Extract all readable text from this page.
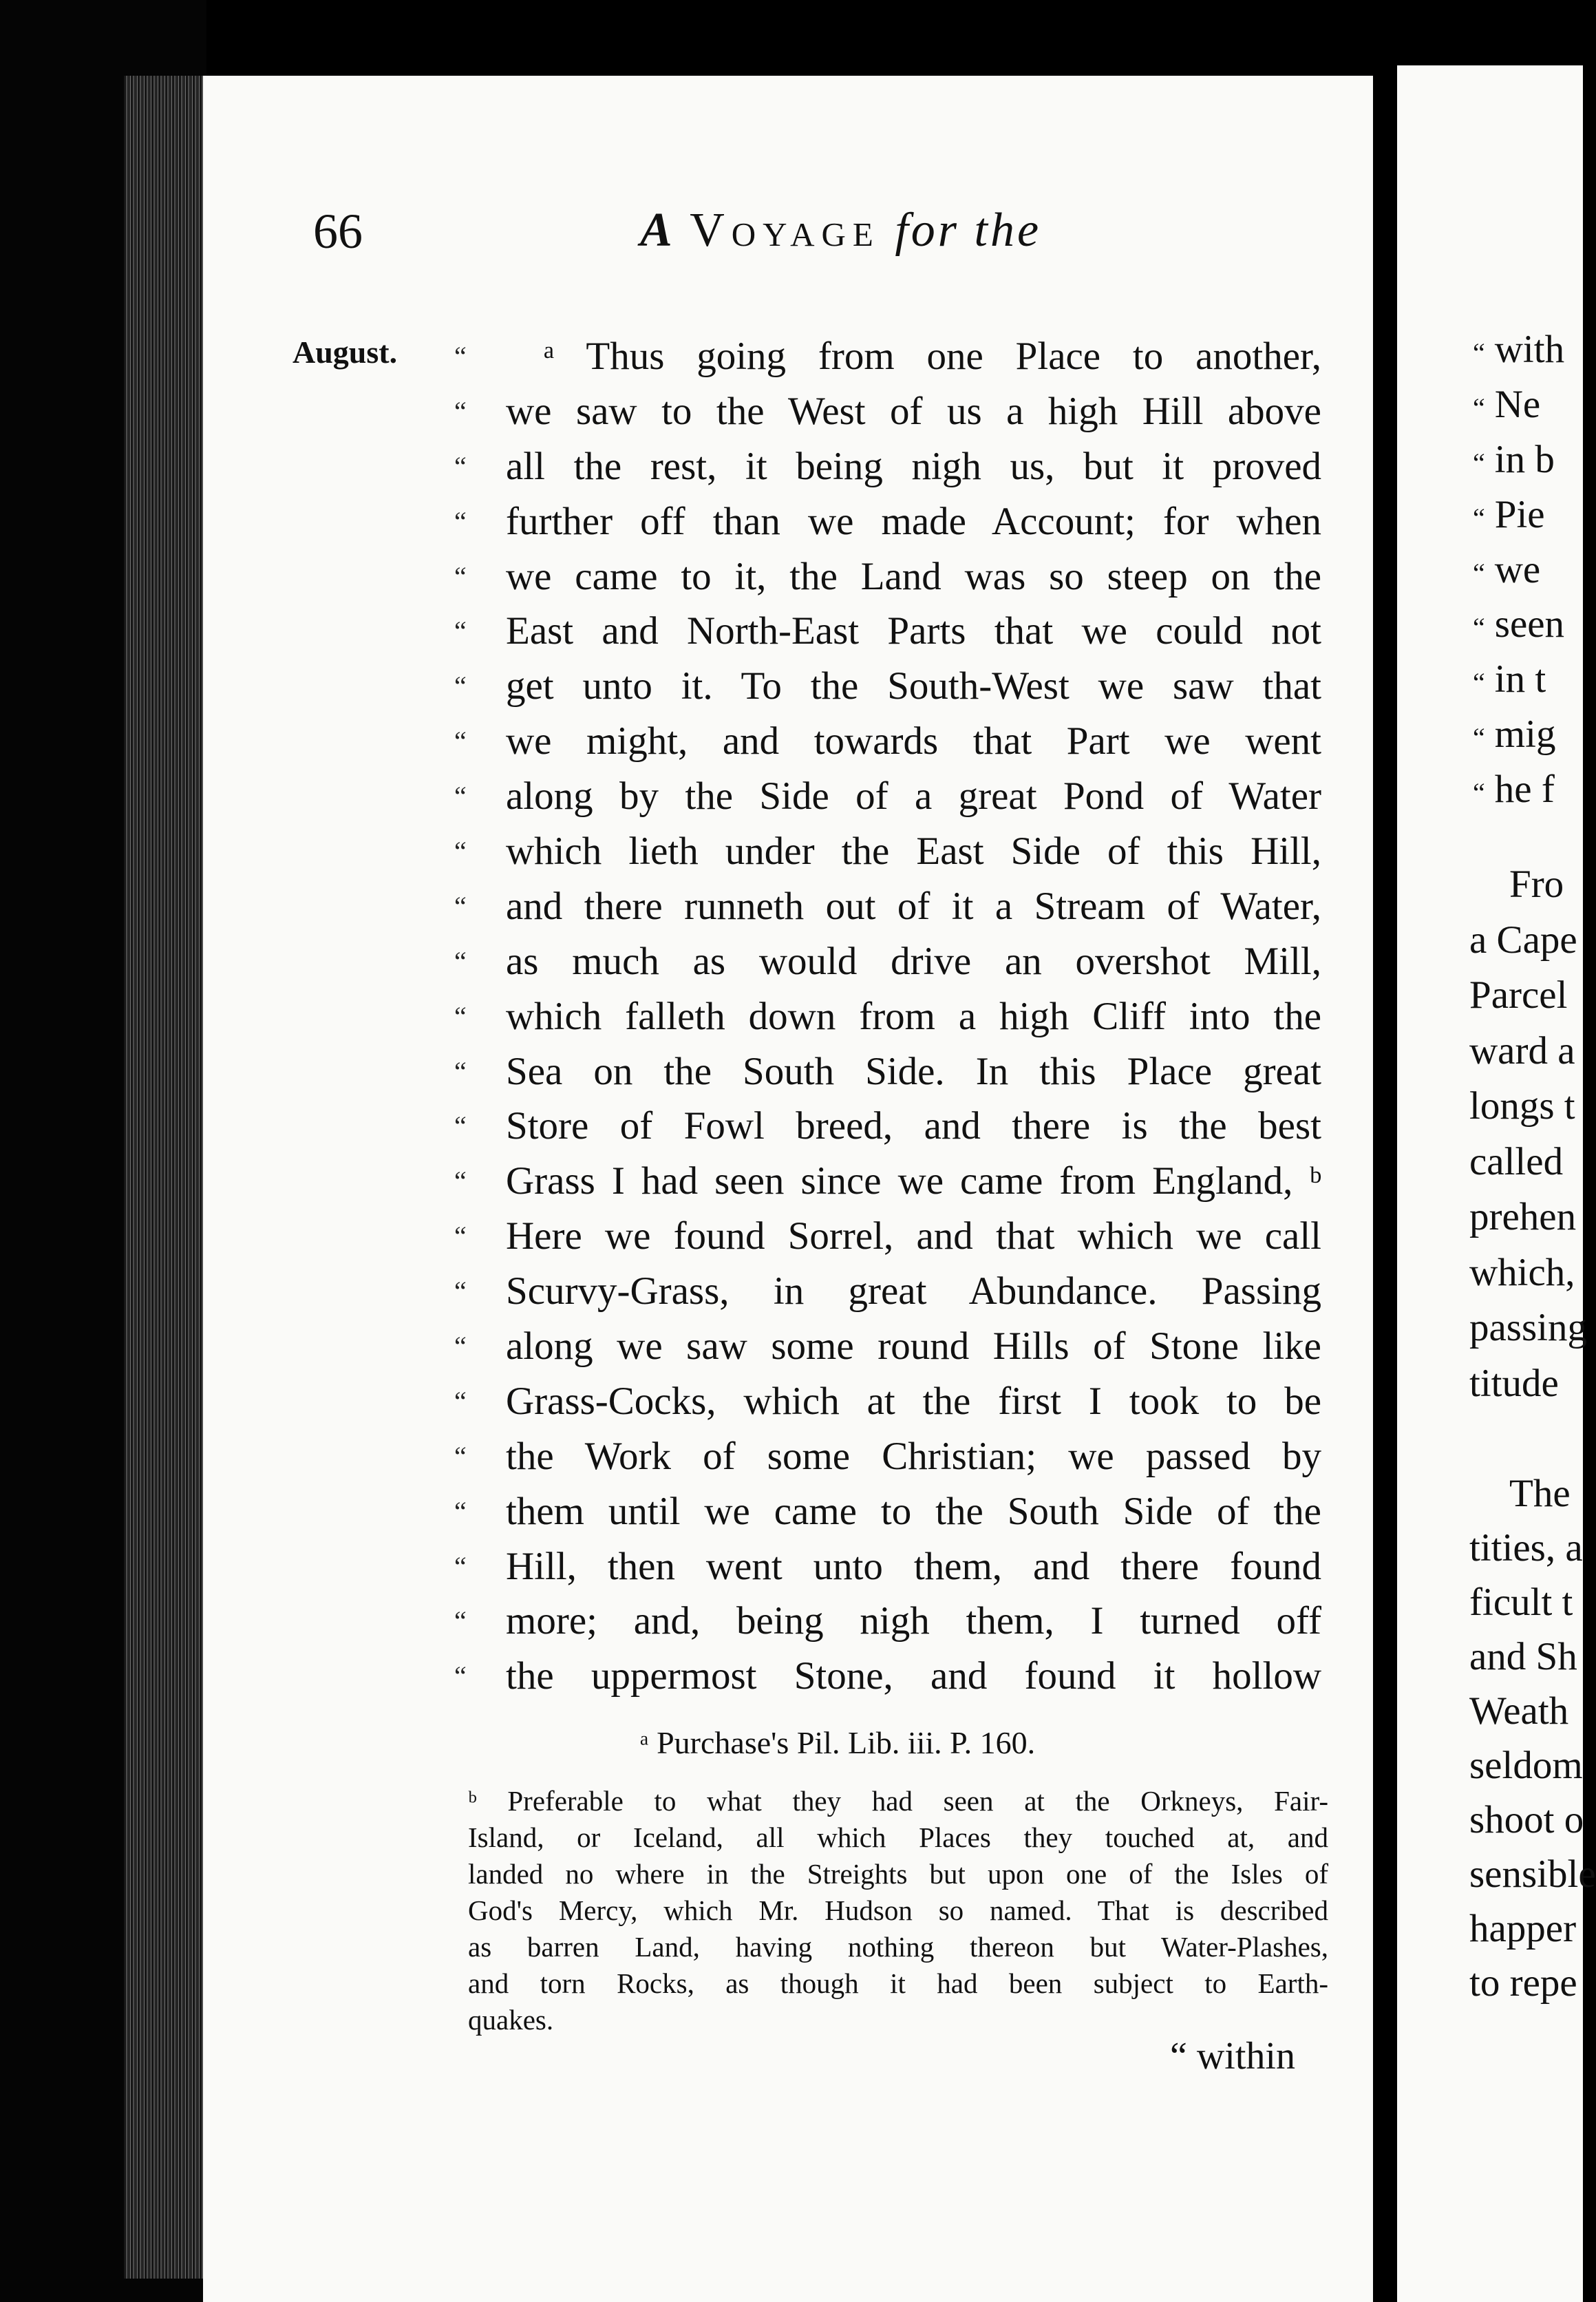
66	A Voyage for the
August. “	ᵃ Thus going from one Place to another,
“	we saw to the West of us a high Hill above
“	all the rest, it being nigh us, but it proved
“	further off than we made Account; for when
“	we came to it, the Land was so steep on the
“	East and North-East Parts that we could not
“	get unto it. To the South-West we saw that
“	we might, and towards that Part we went
“	along by the Side of a great Pond of Water
“	which lieth under the East Side of this Hill,
“	and there runneth out of it a Stream of Water,
“	as much as would drive an overshot Mill,
“	which falleth down from a high Cliff into the
“	Sea on the South Side. In this Place great
“	Store of Fowl breed, and there is the best
“	Grass I had seen since we came from England, ᵇ
“	Here we found Sorrel, and that which we call
“	Scurvy-Grass, in great Abundance. Passing
“	along we saw some round Hills of Stone like
“	Grass-Cocks, which at the first I took to be
“	the Work of some Christian; we passed by
“	them until we came to the South Side of the
“	Hill, then went unto them, and there found
“	more; and, being nigh them, I turned off
“	the uppermost Stone, and found it hollow
ᵃ Purchase's Pil. Lib. iii. P. 160.
ᵇ Preferable to what they had seen at the Orkneys, Fair-
Island, or Iceland, all which Places they touched at, and
landed no where in the Streights but upon one of the Isles of
God's Mercy, which Mr. Hudson so named. That is described
as barren Land, having nothing thereon but Water-Plashes,
and torn Rocks, as though it had been subject to Earth-
quakes.
“ within
“ with
“ Ne
“ in b
“ Pie
“ we
“ seen
“ in t
“ mig
“ he f
Fro
a Cape
Parcel
ward a
longs t
called
prehen
which,
passing
titude
The
tities, a
ficult t
and Sh
Weath
seldom
shoot o
sensible
happer
to repe
